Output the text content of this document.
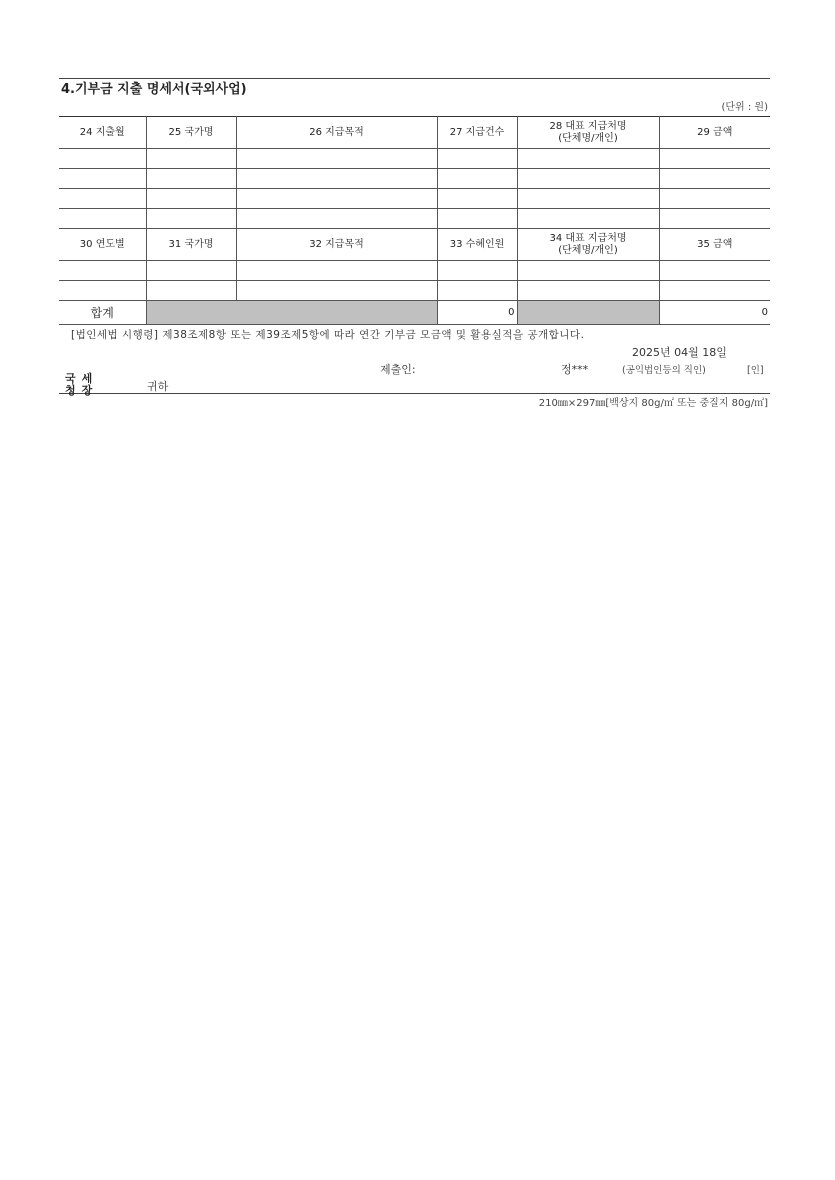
4.기부금 지출 명세서(국외사업)
(단위 : 원)
24 지출월	25 국가명	26 지급목적	27 지급건수	28 대표 지급처명
(단체명/개인)	29 금액

30 연도별	31 국가명	32 지급목적	33 수혜인원	34 대표 지급처명
(단체명/개인)	35 금액

합계			0		0
[법인세법 시행령] 제38조제8항 또는 제39조제5항에 따라 연간 기부금 모금액 및 활용실적을 공개합니다.
2025년 04월 18일
제출인:	정***	(공익법인등의 직인)	[인]
국세청장	귀하
210㎜×297㎜[백상지 80g/㎡ 또는 중질지 80g/㎡]
